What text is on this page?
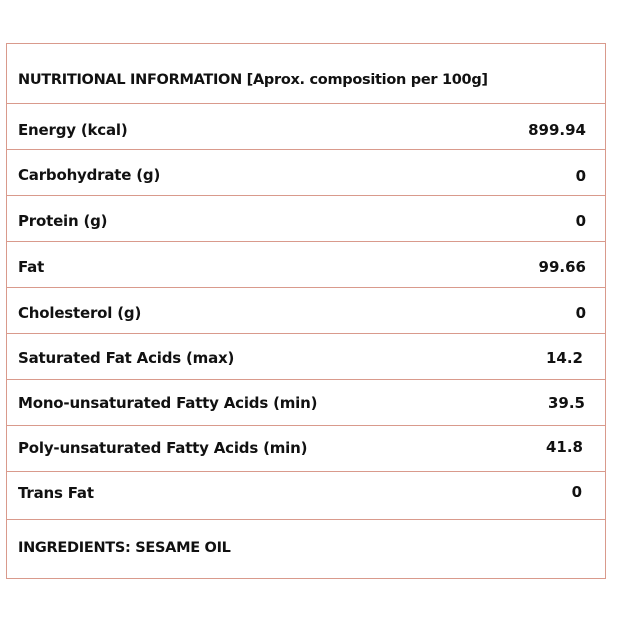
NUTRITIONAL INFORMATION [Aprox. composition per 100g]
Energy (kcal)	899.94
Carbohydrate (g)	0
Protein (g)	0
Fat	99.66
Cholesterol (g)	0
Saturated Fat Acids (max)	14.2
Mono-unsaturated Fatty Acids (min)	39.5
Poly-unsaturated Fatty Acids (min)	41.8
Trans Fat	0
INGREDIENTS: SESAME OIL
